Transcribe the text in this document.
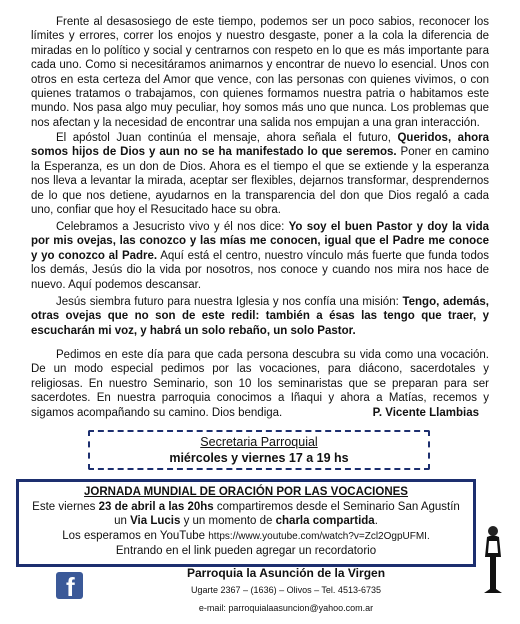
Frente al desasosiego de este tiempo, podemos ser un poco sabios, reconocer los límites y errores, correr los enojos y nuestro desgaste, poner a la cola la diferencia de miradas en lo político y social y centrarnos con respeto en lo que es más importante para cada uno. Como si necesitáramos animarnos y encontrar de nuevo lo esencial. Unos con otros en esta certeza del Amor que vence, con las personas con quienes vivimos, o con quienes tratamos o trabajamos, con quienes formamos nuestra patria o habitamos este mundo. Nos pasa algo muy peculiar, hoy somos más uno que nunca. Los problemas que nos afectan y la necesidad de encontrar una salida nos empujan a una gran interacción.

El apóstol Juan continúa el mensaje, ahora señala el futuro, Queridos, ahora somos hijos de Dios y aun no se ha manifestado lo que seremos. Poner en camino la Esperanza, es un don de Dios. Ahora es el tiempo el que se extiende y la esperanza nos lleva a levantar la mirada, aceptar ser flexibles, dejarnos transformar, desprendernos de lo que nos detiene, ayudarnos en la transparencia del don que Dios regaló a cada uno, confiar que hoy el Resucitado hace su obra.

Celebramos a Jesucristo vivo y él nos dice: Yo soy el buen Pastor y doy la vida por mis ovejas, las conozco y las mías me conocen, igual que el Padre me conoce y yo conozco al Padre. Aquí está el centro, nuestro vínculo más fuerte que funda todos los demás, Jesús dio la vida por nosotros, nos conoce y cuando nos mira nos hace de nuevo. Aquí podemos descansar.

Jesús siembra futuro para nuestra Iglesia y nos confía una misión: Tengo, además, otras ovejas que no son de este redil: también a ésas las tengo que traer, y escucharán mi voz, y habrá un solo rebaño, un solo Pastor.

Pedimos en este día para que cada persona descubra su vida como una vocación. De un modo especial pedimos por las vocaciones, para diácono, sacerdotales y religiosas. En nuestro Seminario, son 10 los seminaristas que se preparan para ser sacerdotes. En nuestra parroquia conocimos a Iñaqui y ahora a Matías, recemos y sigamos acompañando su camino. Dios bendiga.	P. Vicente Llambias

Secretaria Parroquial
miércoles y viernes 17 a 19 hs
JORNADA MUNDIAL DE ORACIÓN POR LAS VOCACIONES
Este viernes 23 de abril a las 20hs compartiremos desde el Seminario San Agustín
un Via Lucis y un momento de charla compartida.
Los esperamos en YouTube https://www.youtube.com/watch?v=Zcl2OgpUFMI.
Entrando en el link pueden agregar un recordatorio
f	Parroquia la Asunción de la Virgen
Ugarte 2367 – (1636) – Olivos – Tel. 4513-6735
e-mail: parroquialaasuncion@yahoo.com.ar
